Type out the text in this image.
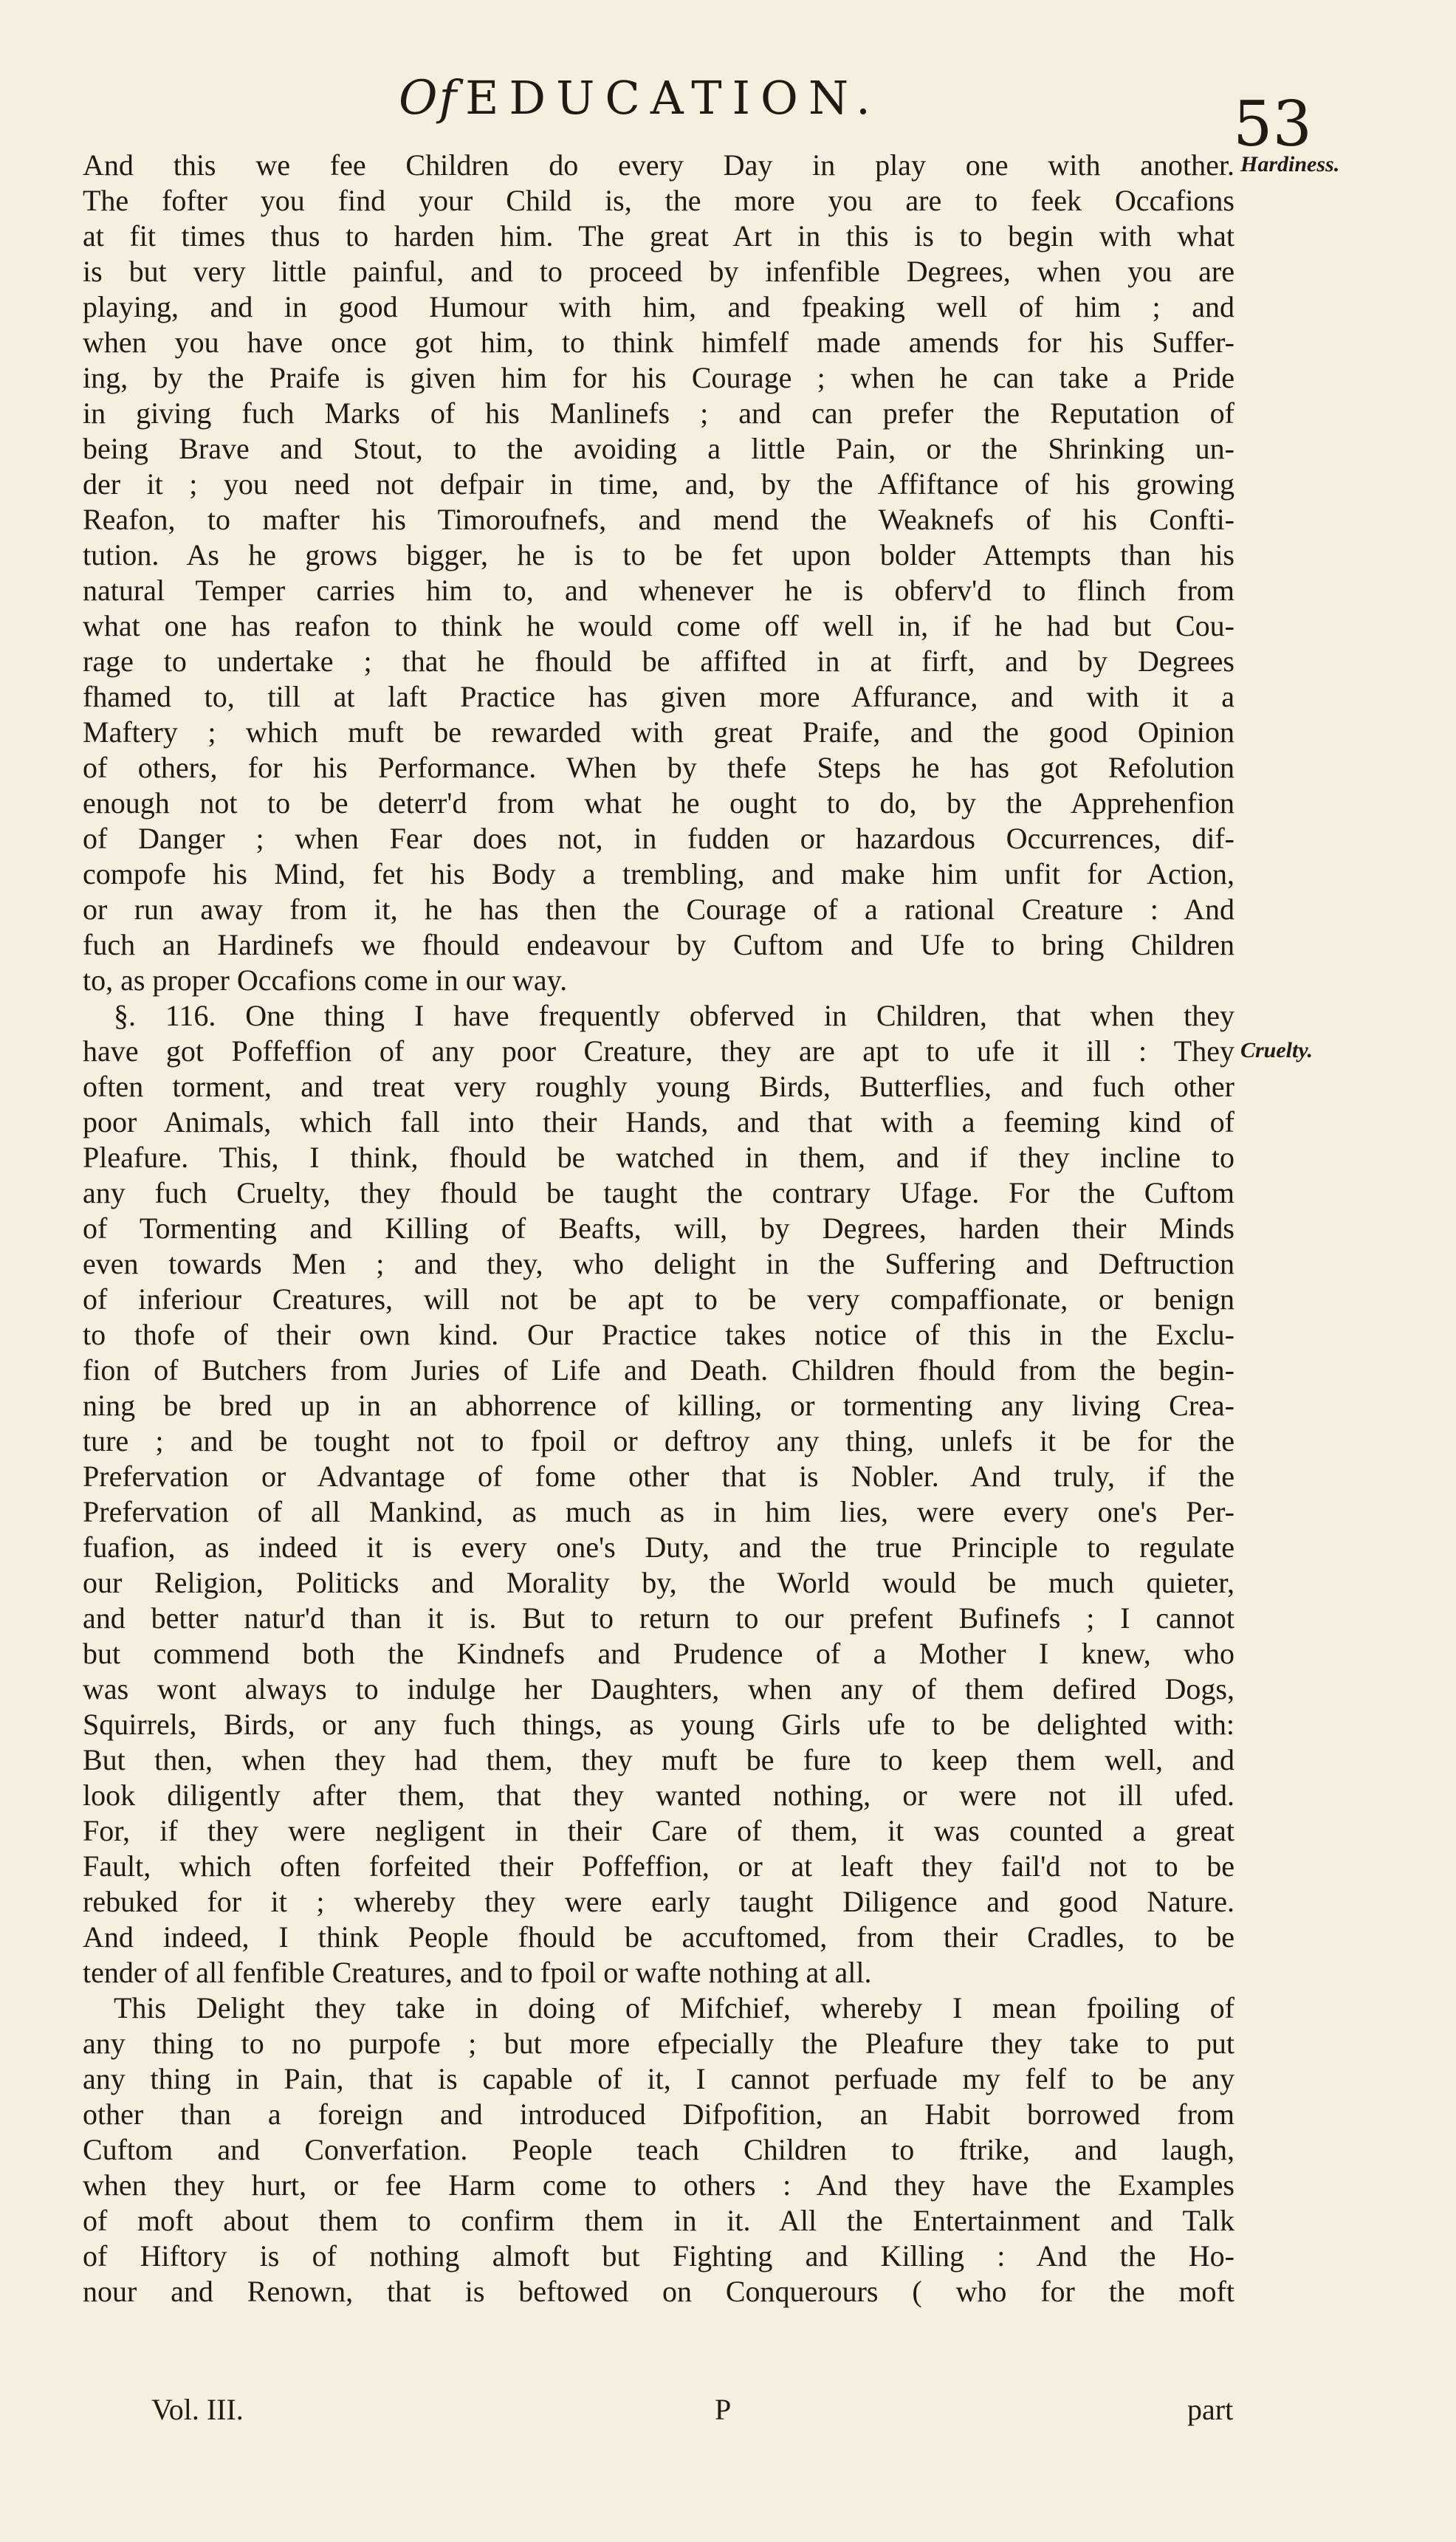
Of EDUCATION.	53
Hardiness.
Cruelty.
And this we fee Children do every Day in play one with another.
The fofter you find your Child is, the more you are to feek Occafions
at fit times thus to harden him. The great Art in this is to begin with what
is but very little painful, and to proceed by infenfible Degrees, when you are
playing, and in good Humour with him, and fpeaking well of him ; and
when you have once got him, to think himfelf made amends for his Suffer-
ing, by the Praife is given him for his Courage ; when he can take a Pride
in giving fuch Marks of his Manlinefs ; and can prefer the Reputation of
being Brave and Stout, to the avoiding a little Pain, or the Shrinking un-
der it ; you need not defpair in time, and, by the Affiftance of his growing
Reafon, to mafter his Timoroufnefs, and mend the Weaknefs of his Confti-
tution. As he grows bigger, he is to be fet upon bolder Attempts than his
natural Temper carries him to, and whenever he is obferv'd to flinch from
what one has reafon to think he would come off well in, if he had but Cou-
rage to undertake ; that he fhould be affifted in at firft, and by Degrees
fhamed to, till at laft Practice has given more Affurance, and with it a
Maftery ; which muft be rewarded with great Praife, and the good Opinion
of others, for his Performance. When by thefe Steps he has got Refolution
enough not to be deterr'd from what he ought to do, by the Apprehenfion
of Danger ; when Fear does not, in fudden or hazardous Occurrences, dif-
compofe his Mind, fet his Body a trembling, and make him unfit for Action,
or run away from it, he has then the Courage of a rational Creature : And
fuch an Hardinefs we fhould endeavour by Cuftom and Ufe to bring Children
to, as proper Occafions come in our way.
§. 116. One thing I have frequently obferved in Children, that when they
have got Poffeffion of any poor Creature, they are apt to ufe it ill : They
often torment, and treat very roughly young Birds, Butterflies, and fuch other
poor Animals, which fall into their Hands, and that with a feeming kind of
Pleafure. This, I think, fhould be watched in them, and if they incline to
any fuch Cruelty, they fhould be taught the contrary Ufage. For the Cuftom
of Tormenting and Killing of Beafts, will, by Degrees, harden their Minds
even towards Men ; and they, who delight in the Suffering and Deftruction
of inferiour Creatures, will not be apt to be very compaffionate, or benign
to thofe of their own kind. Our Practice takes notice of this in the Exclu-
fion of Butchers from Juries of Life and Death. Children fhould from the begin-
ning be bred up in an abhorrence of killing, or tormenting any living Crea-
ture ; and be tought not to fpoil or deftroy any thing, unlefs it be for the
Prefervation or Advantage of fome other that is Nobler. And truly, if the
Prefervation of all Mankind, as much as in him lies, were every one's Per-
fuafion, as indeed it is every one's Duty, and the true Principle to regulate
our Religion, Politicks and Morality by, the World would be much quieter,
and better natur'd than it is. But to return to our prefent Bufinefs ; I cannot
but commend both the Kindnefs and Prudence of a Mother I knew, who
was wont always to indulge her Daughters, when any of them defired Dogs,
Squirrels, Birds, or any fuch things, as young Girls ufe to be delighted with:
But then, when they had them, they muft be fure to keep them well, and
look diligently after them, that they wanted nothing, or were not ill ufed.
For, if they were negligent in their Care of them, it was counted a great
Fault, which often forfeited their Poffeffion, or at leaft they fail'd not to be
rebuked for it ; whereby they were early taught Diligence and good Nature.
And indeed, I think People fhould be accuftomed, from their Cradles, to be
tender of all fenfible Creatures, and to fpoil or wafte nothing at all.
This Delight they take in doing of Mifchief, whereby I mean fpoiling of
any thing to no purpofe ; but more efpecially the Pleafure they take to put
any thing in Pain, that is capable of it, I cannot perfuade my felf to be any
other than a foreign and introduced Difpofition, an Habit borrowed from
Cuftom and Converfation. People teach Children to ftrike, and laugh,
when they hurt, or fee Harm come to others : And they have the Examples
of moft about them to confirm them in it. All the Entertainment and Talk
of Hiftory is of nothing almoft but Fighting and Killing : And the Ho-
nour and Renown, that is beftowed on Conquerours ( who for the moft
Vol. III.	P	part
